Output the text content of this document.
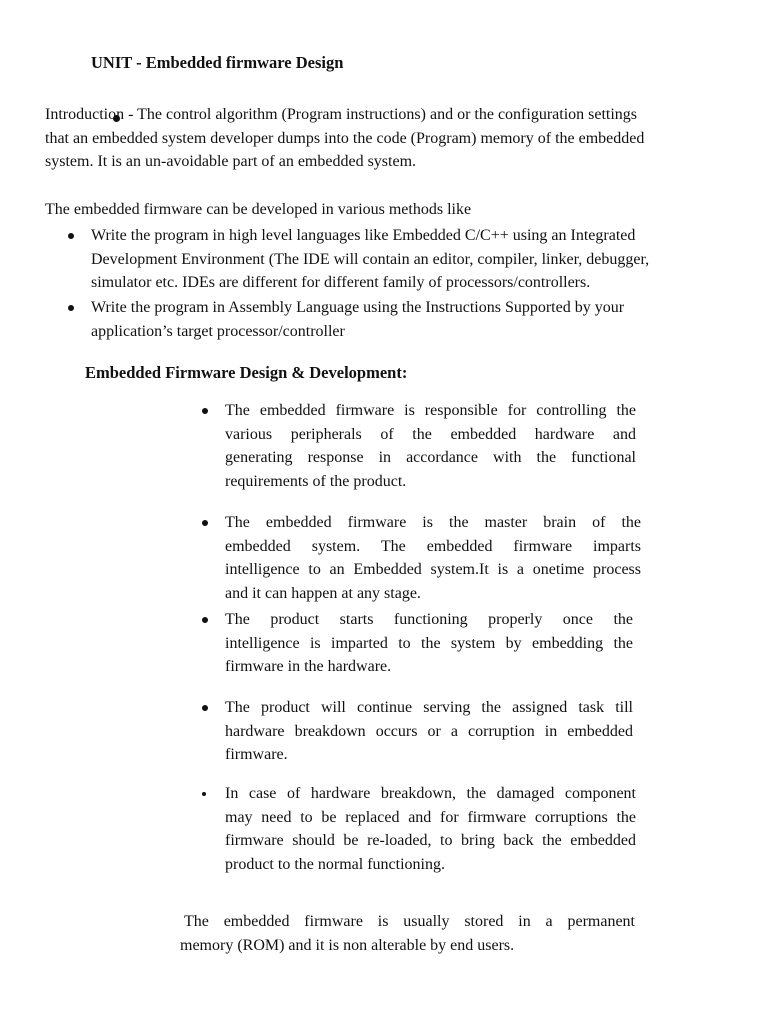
UNIT - Embedded firmware Design
Introduction - The control algorithm (Program instructions) and or the configuration settings
that an embedded system developer dumps into the code (Program) memory of the embedded
system. It is an un-avoidable part of an embedded system.
The embedded firmware can be developed in various methods like
Write the program in high level languages like Embedded C/C++ using an Integrated
Development Environment (The IDE will contain an editor, compiler, linker, debugger,
simulator etc. IDEs are different for different family of processors/controllers.
Write the program in Assembly Language using the Instructions Supported by your
application’s target processor/controller
Embedded Firmware Design & Development:
The embedded firmware is responsible for controlling the
various peripherals of the embedded hardware and
generating response in accordance with the functional
requirements of the product.
The embedded firmware is the master brain of the
embedded system. The embedded firmware imparts
intelligence to an Embedded system.It is a onetime process
and it can happen at any stage.
The product starts functioning properly once the
intelligence is imparted to the system by embedding the
firmware in the hardware.
The product will continue serving the assigned task till
hardware breakdown occurs or a corruption in embedded
firmware.
In case of hardware breakdown, the damaged component
may need to be replaced and for firmware corruptions the
firmware should be re-loaded, to bring back the embedded
product to the normal functioning.
The embedded firmware is usually stored in a permanent
memory (ROM) and it is non alterable by end users.
